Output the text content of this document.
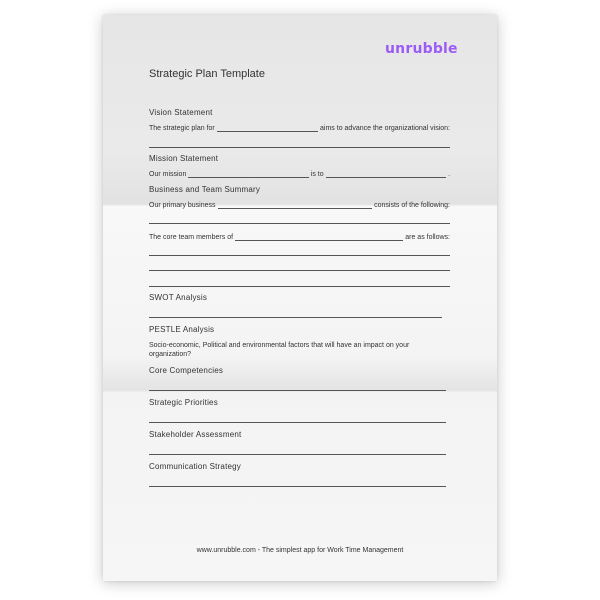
unrubble
Strategic Plan Template
Vision Statement
The strategic plan for	aims to advance the organizational vision:
Mission Statement
Our mission	is to	.
Business and Team Summary
Our primary business	consists of the following:
The core team members of	are as follows:
SWOT Analysis
PESTLE Analysis
Socio-economic, Political and environmental factors that will have an impact on your organization?
Core Competencies
Strategic Priorities
Stakeholder Assessment
Communication Strategy
www.unrubble.com - The simplest app for Work Time Management
